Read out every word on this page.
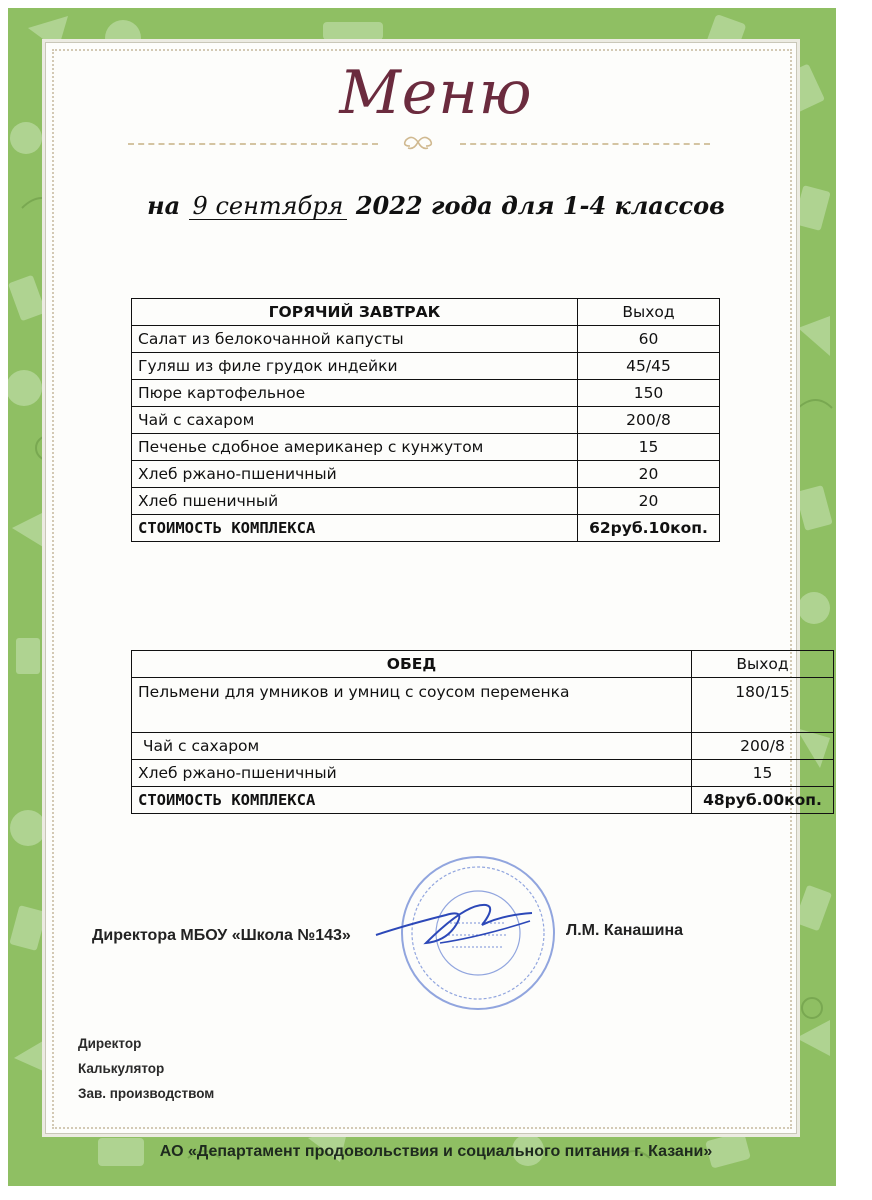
Меню
на 9 сентября 2022 года для 1-4 классов
ГОРЯЧИЙ ЗАВТРАК	Выход
Салат из белокочанной капусты	60
Гуляш из филе грудок индейки	45/45
Пюре картофельное	150
Чай с сахаром	200/8
Печенье сдобное американер с кунжутом	15
Хлеб ржано-пшеничный	20
Хлеб пшеничный	20
СТОИМОСТЬ КОМПЛЕКСА	62руб.10коп.
ОБЕД	Выход
Пельмени для умников и умниц с соусом переменка	180/15
Чай с сахаром	200/8
Хлеб ржано-пшеничный	15
СТОИМОСТЬ КОМПЛЕКСА	48руб.00коп.
Директора МБОУ «Школа №143»	Л.М. Канашина
Директор
Калькулятор
Зав. производством
АО «Департамент продовольствия и социального питания г. Казани»
